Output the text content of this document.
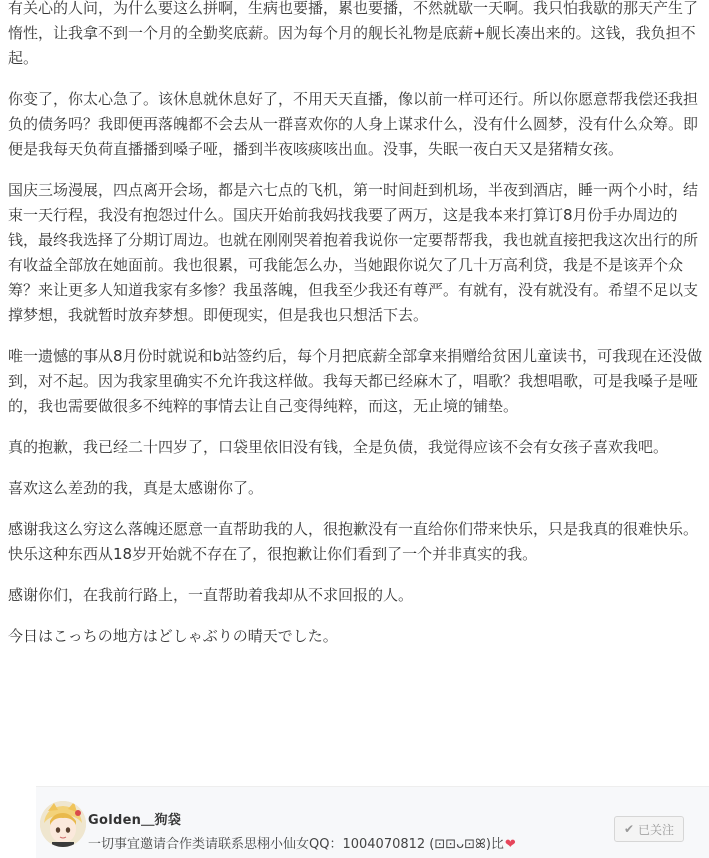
有关心的人问，为什么要这么拼啊，生病也要播，累也要播，不然就歇一天啊。我只怕我歇的那天产生了惰性，让我拿不到一个月的全勤奖底薪。因为每个月的舰长礼物是底薪+舰长凑出来的。这钱，我负担不起。

你变了，你太心急了。该休息就休息好了，不用天天直播，像以前一样可还行。所以你愿意帮我偿还我担负的债务吗？我即便再落魄都不会去从一群喜欢你的人身上谋求什么，没有什么圆梦，没有什么众筹。即便是我每天负荷直播播到嗓子哑，播到半夜咳痰咳出血。没事，失眠一夜白天又是猪精女孩。

国庆三场漫展，四点离开会场，都是六七点的飞机，第一时间赶到机场，半夜到酒店，睡一两个小时，结束一天行程，我没有抱怨过什么。国庆开始前我妈找我要了两万，这是我本来打算订8月份手办周边的钱，最终我选择了分期订周边。也就在刚刚哭着抱着我说你一定要帮帮我，我也就直接把我这次出行的所有收益全部放在她面前。我也很累，可我能怎么办，当她跟你说欠了几十万高利贷，我是不是该弄个众筹？来让更多人知道我家有多惨？我虽落魄，但我至少我还有尊严。有就有，没有就没有。希望不足以支撑梦想，我就暂时放弃梦想。即便现实，但是我也只想活下去。

唯一遗憾的事从8月份时就说和b站签约后，每个月把底薪全部拿来捐赠给贫困儿童读书，可我现在还没做到，对不起。因为我家里确实不允许我这样做。我每天都已经麻木了，唱歌？我想唱歌，可是我嗓子是哑的，我也需要做很多不纯粹的事情去让自己变得纯粹，而这，无止境的铺垫。

真的抱歉，我已经二十四岁了，口袋里依旧没有钱，全是负债，我觉得应该不会有女孩子喜欢我吧。

喜欢这么差劲的我，真是太感谢你了。

感谢我这么穷这么落魄还愿意一直帮助我的人，很抱歉没有一直给你们带来快乐，只是我真的很难快乐。快乐这种东西从18岁开始就不存在了，很抱歉让你们看到了一个并非真实的我。

感谢你们，在我前行路上，一直帮助着我却从不求回报的人。

今日はこっちの地方はどしゃぶりの晴天でした。

Golden＿狗袋
一切事宜邀请合作类请联系思栩小仙女QQ：1004070812 (⊡⊡ᴗ⊡ꕤ)比❤
✔ 已关注
